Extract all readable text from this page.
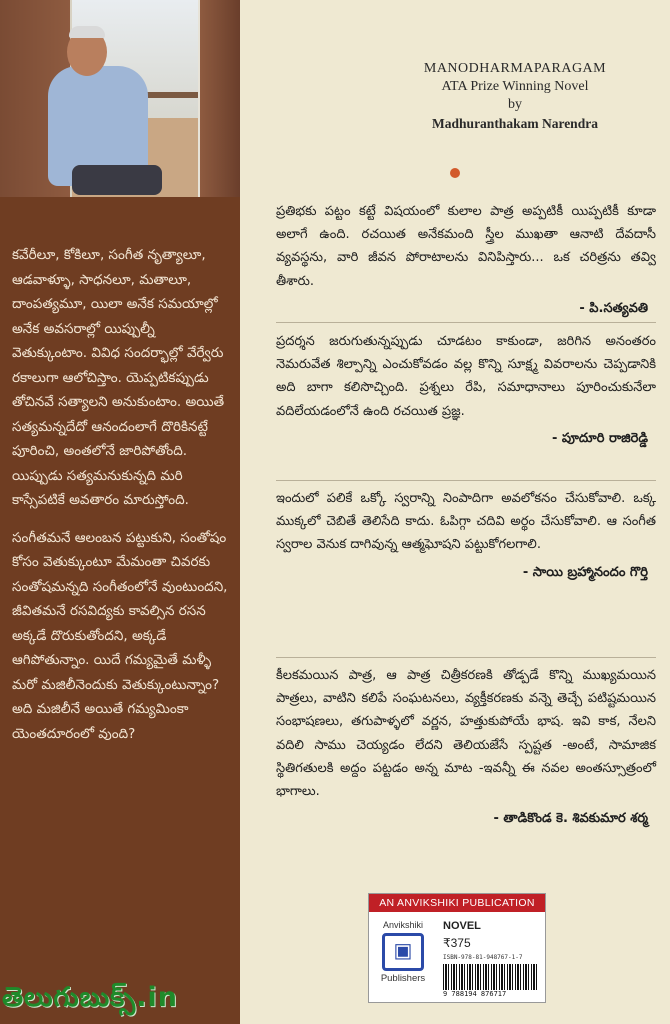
కవేరీలూ, కోకిలూ, సంగీత నృత్యాలూ, ఆడవాళ్ళూ, సాధనలూ, మతాలూ, దాంపత్యమూ, యిలా అనేక సమయాల్లో అనేక అవసరాల్లో యిప్పుల్నీ వెతుక్కుంటాం. వివిధ సందర్భాల్లో వేర్వేరు రకాలుగా ఆలోచిస్తాం. యెప్పటికప్పుడు తోచినవే సత్యాలని అనుకుంటాం. అయితే సత్యమన్నదేదో ఆనందంలాగే దొరికినట్టే పూరించి, అంతలోనే జారిపోతోంది. యిప్పుడు సత్యమనుకున్నది మరి కాస్సేపటికే అవతారం మారుస్తోంది.

సంగీతమనే ఆలంబన పట్టుకుని, సంతోషం కోసం వెతుక్కుంటూ మేమంతా చివరకు సంతోషమన్నది సంగీతంలోనే వుంటుందని, జీవితమనే రసవిద్యకు కావల్సిన రసన అక్కడే దొరుకుతోందని, అక్కడే ఆగిపోతున్నాం. యిదే గమ్యమైతే మళ్ళీ మరో మజిలీనెందుకు వెతుక్కుంటున్నాం? అది మజిలీనే అయితే గమ్యమింకా యెంతదూరంలో వుంది?

తెలుగుబుక్స్.in
MANODHARMAPARAGAM
ATA Prize Winning Novel
by
Madhuranthakam Narendra
ప్రతిభకు పట్టం కట్టే విషయంలో కులాల పాత్ర అప్పటికీ యిప్పటికీ కూడా అలాగే ఉంది. రచయిత అనేకమంది స్త్రీల ముఖతా ఆనాటి దేవదాసీ వ్యవస్థను, వారి జీవన పోరాటాలను వినిపిస్తారు... ఒక చరిత్రను తవ్వి తీశారు.
- పి.సత్యవతి
ప్రదర్శన జరుగుతున్నప్పుడు చూడటం కాకుండా, జరిగిన అనంతరం నెమరువేత శిల్పాన్ని ఎంచుకోవడం వల్ల కొన్ని సూక్ష్మ వివరాలను చెప్పడానికి అది బాగా కలిసొచ్చింది. ప్రశ్నలు రేపి, సమాధానాలు పూరించుకునేలా వదిలేయడంలోనే ఉంది రచయిత ప్రజ్ఞ.
- పూదూరి రాజిరెడ్డి
ఇందులో పలికే ఒక్కో స్వరాన్ని నింపాదిగా అవలోకనం చేసుకోవాలి. ఒక్క ముక్కలో చెబితే తెలిసేది కాదు. ఓపిగ్గా చదివి అర్థం చేసుకోవాలి. ఆ సంగీత స్వరాల వెనుక దాగివున్న ఆత్మఘోషని పట్టుకోగలగాలి.
- సాయి బ్రహ్మానందం గొర్తి
కీలకమయిన పాత్ర, ఆ పాత్ర చిత్రీకరణకి తోడ్పడే కొన్ని ముఖ్యమయిన పాత్రలు, వాటిని కలిపే సంఘటనలు, వ్యక్తీకరణకు వన్నె తెచ్చే పటిష్టమయిన సంభాషణలు, తగుపాళ్ళలో వర్ణన, హత్తుకుపోయే భాష. ఇవి కాక, నేలని వదిలి సాము చెయ్యడం లేదని తెలియజేసే స్పష్టత -అంటే, సామాజిక స్థితిగతులకి అద్దం పట్టడం అన్న మాట -ఇవన్నీ ఈ నవల అంతస్సూత్రంలో భాగాలు.
- తాడికొండ కె. శివకుమార శర్మ
AN ANVIKSHIKI PUBLICATION
Anvikshiki
▣
Publishers
NOVEL
₹375
ISBN-978-81-948767-1-7
9 788194 876717
